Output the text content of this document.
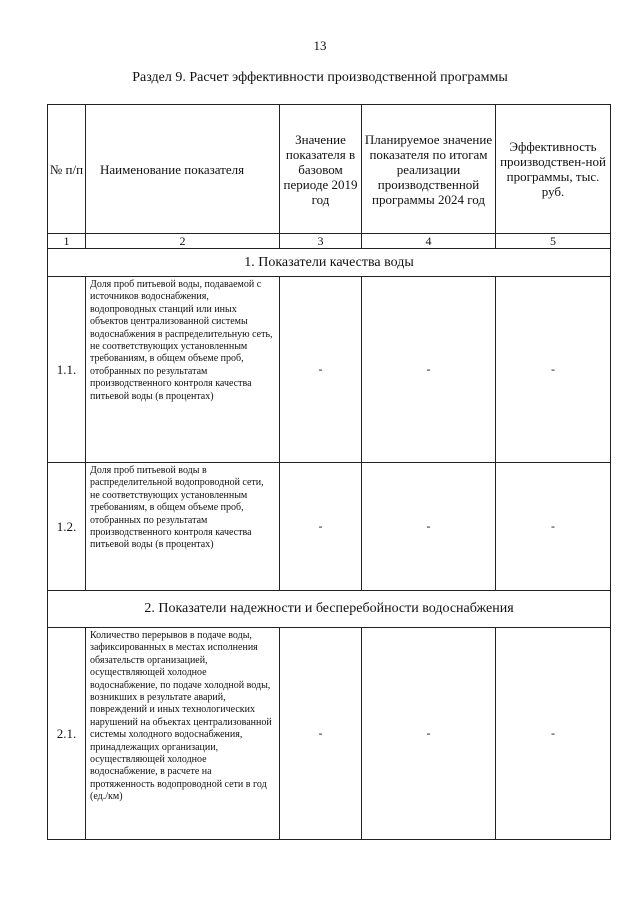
13
Раздел 9. Расчет эффективности производственной программы
№ п/п	Наименование показателя	Значение показателя в базовом периоде 2019 год	Планируемое значение показателя по итогам реализации производственной программы 2024 год	Эффективность производствен-ной программы, тыс. руб.
1	2	3	4	5
1. Показатели качества воды				
1.1.	Доля проб питьевой воды, подаваемой с источников водоснабжения, водопроводных станций или иных объектов централизованной системы водоснабжения в распределительную сеть, не соответствующих установленным требованиям, в общем объеме проб, отобранных по результатам производственного контроля качества питьевой воды (в процентах)	-	-	-
1.2.	Доля проб питьевой воды в распределительной водопроводной сети, не соответствующих установленным требованиям, в общем объеме проб, отобранных по результатам производственного контроля качества питьевой воды (в процентах)	-	-	-
2. Показатели надежности и бесперебойности водоснабжения				
2.1.	Количество перерывов в подаче воды, зафиксированных в местах исполнения обязательств организацией, осуществляющей холодное водоснабжение, по подаче холодной воды, возникших в результате аварий, повреждений и иных технологических нарушений на объектах централизованной системы холодного водоснабжения, принадлежащих организации, осуществляющей холодное водоснабжение, в расчете на протяженность водопроводной сети в год (ед./км)	-	-	-
